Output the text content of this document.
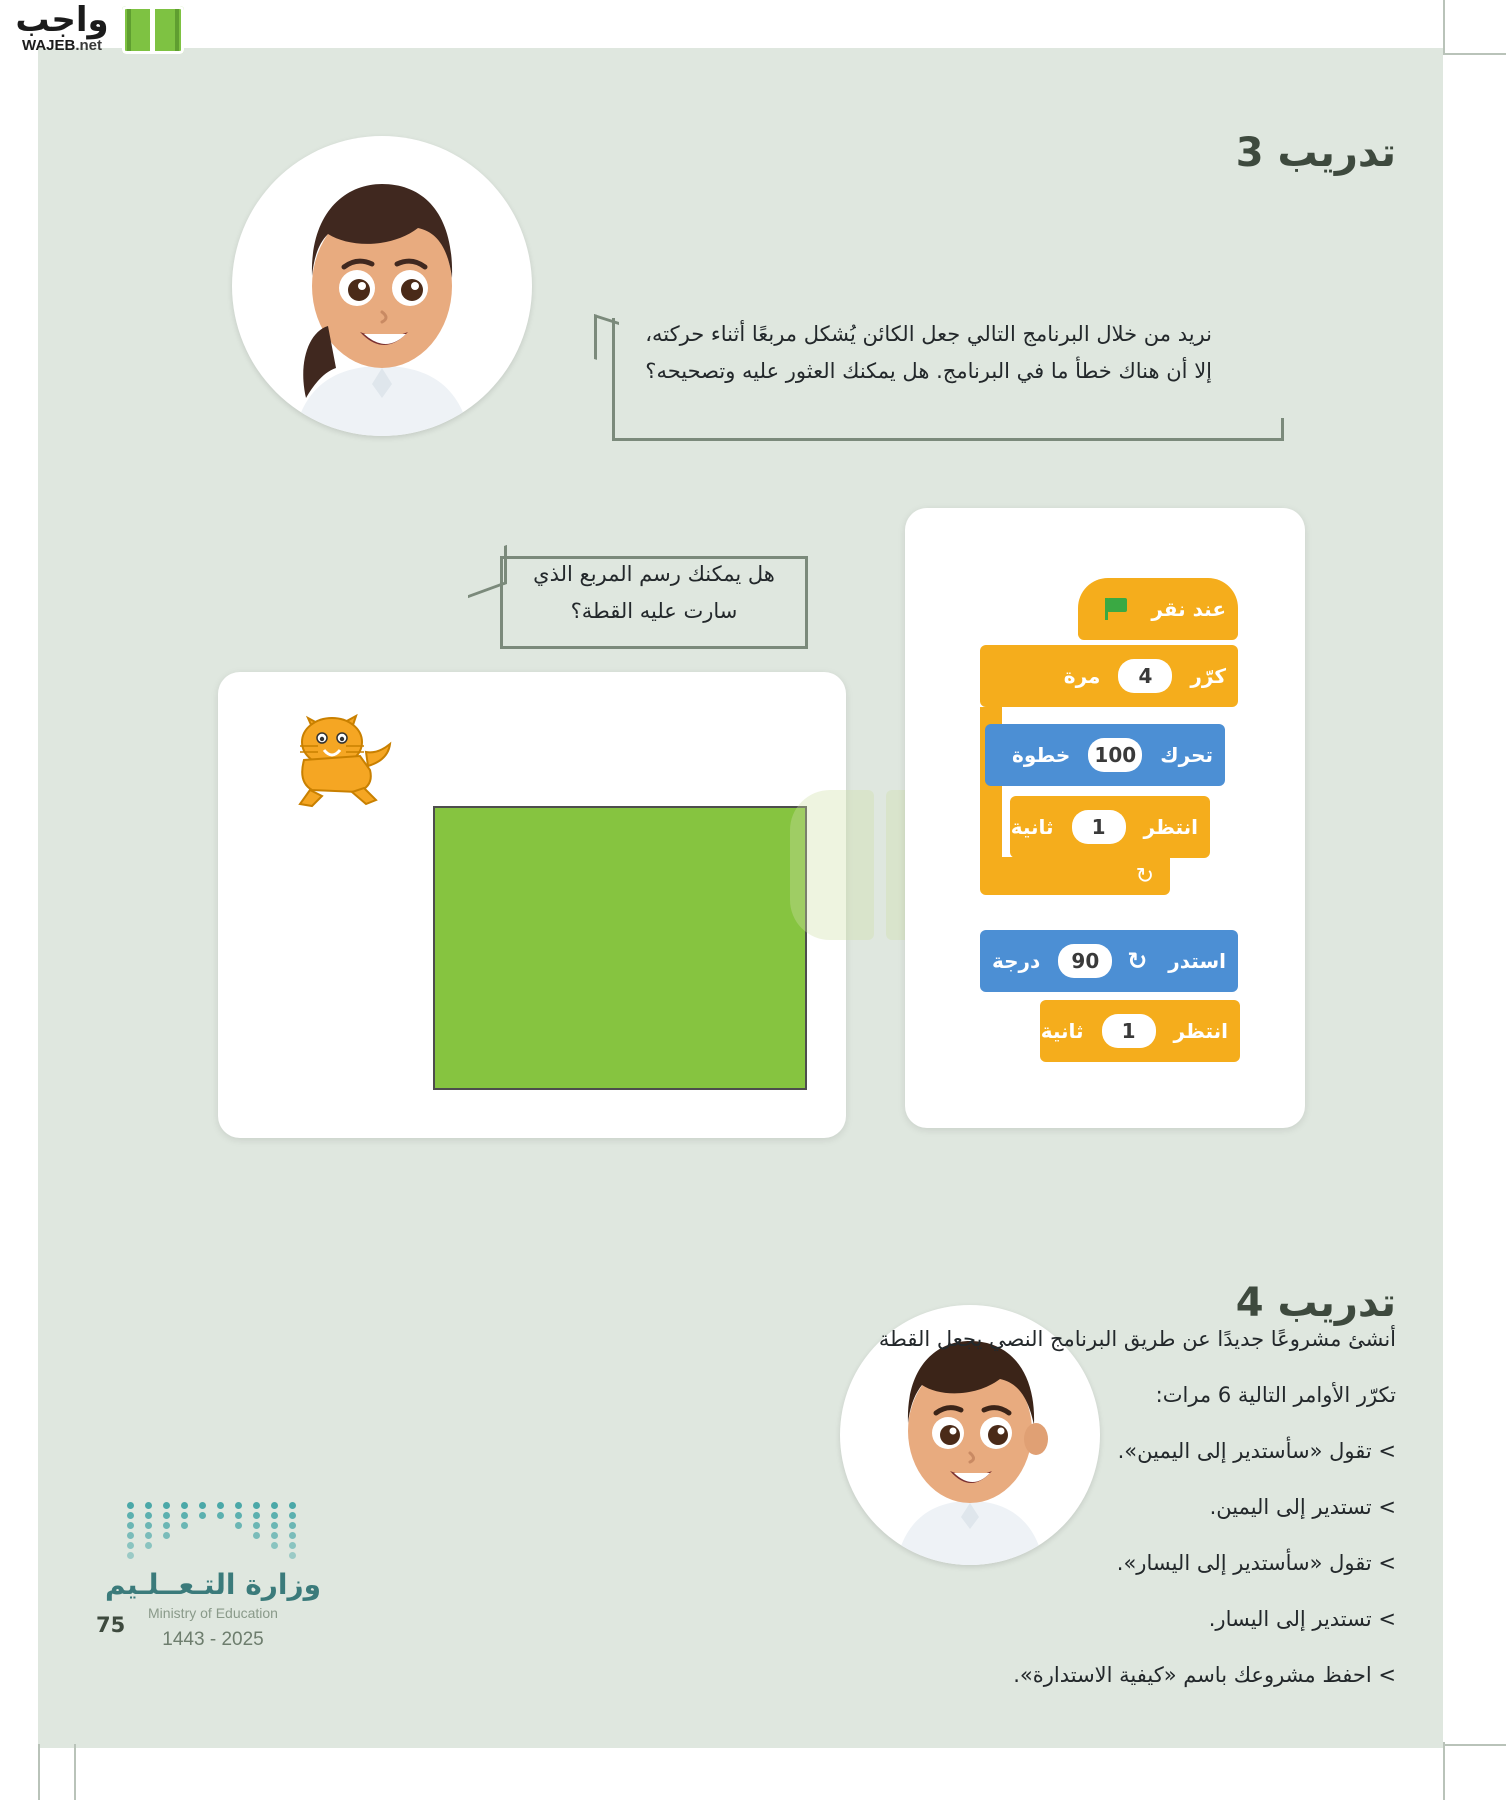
واجب
WAJEB.net
تدريب 3
نريد من خلال البرنامج التالي جعل الكائن يُشكل مربعًا أثناء حركته، إلا أن هناك خطأ ما في البرنامج. هل يمكنك العثور عليه وتصحيحه؟
هل يمكنك رسم المربع الذي سارت عليه القطة؟	عند نقر
كرّر
4
مرة
↻
تحرك
100
خطوة
انتظر
1
ثانية
استدر
↻
90
درجة
انتظر
1
ثانية
تدريب 4
أنشئ مشروعًا جديدًا عن طريق البرنامج النصي يجعل القطة
تكرّر الأوامر التالية 6 مرات:
> تقول «سأستدير إلى اليمين».
> تستدير إلى اليمين.
> تقول «سأستدير إلى اليسار».
> تستدير إلى اليسار.
> احفظ مشروعك باسم «كيفية الاستدارة».
وزارة التـعــلـيم
Ministry of Education
2025 - 1443
75
